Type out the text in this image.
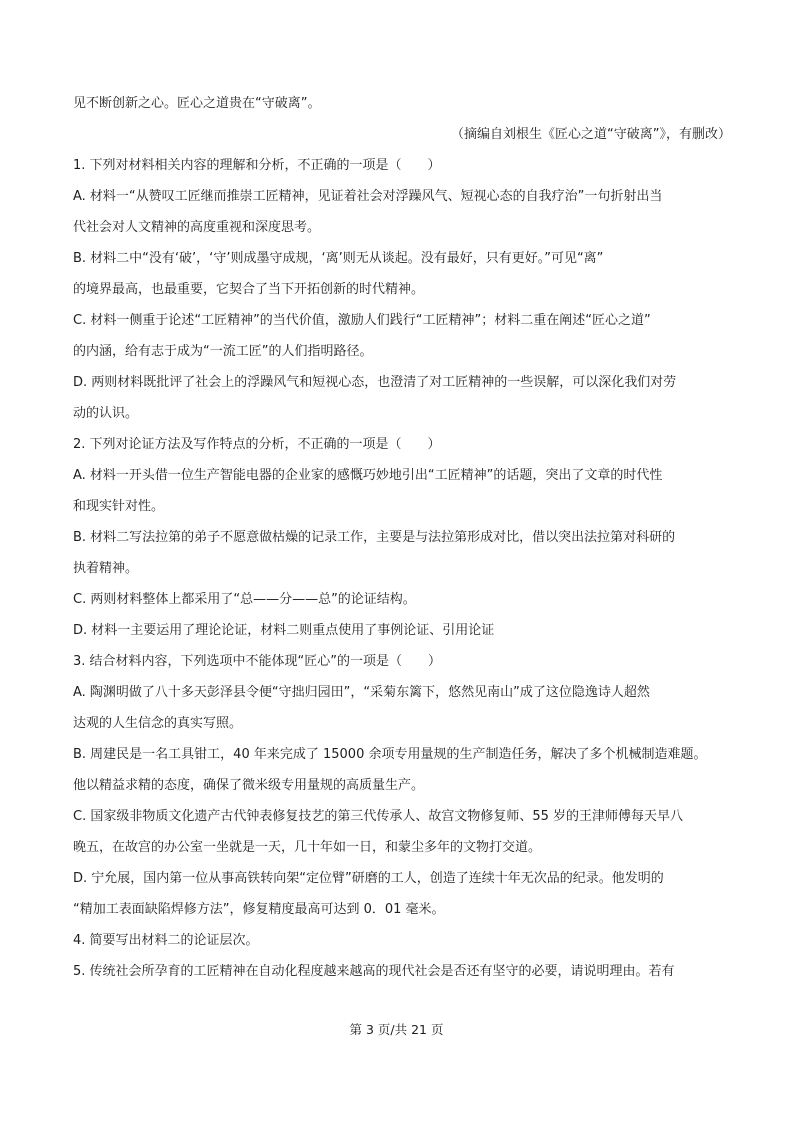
见不断创新之心。匠心之道贵在“守破离”。
（摘编自刘根生《匠心之道“守破离”》，有删改）
1. 下列对材料相关内容的理解和分析，不正确的一项是（　　）
A. 材料一“从赞叹工匠继而推崇工匠精神，见证着社会对浮躁风气、短视心态的自我疗治”一句折射出当
代社会对人文精神的高度重视和深度思考。
B. 材料二中“没有‘破’，‘守’则成墨守成规，‘离’则无从谈起。没有最好，只有更好。”可见“离”
的境界最高，也最重要，它契合了当下开拓创新的时代精神。
C. 材料一侧重于论述“工匠精神”的当代价值，激励人们践行“工匠精神”；材料二重在阐述“匠心之道”
的内涵，给有志于成为“一流工匠”的人们指明路径。
D. 两则材料既批评了社会上的浮躁风气和短视心态，也澄清了对工匠精神的一些误解，可以深化我们对劳
动的认识。
2. 下列对论证方法及写作特点的分析，不正确的一项是（　　）
A. 材料一开头借一位生产智能电器的企业家的感慨巧妙地引出“工匠精神”的话题，突出了文章的时代性
和现实针对性。
B. 材料二写法拉第的弟子不愿意做枯燥的记录工作，主要是与法拉第形成对比，借以突出法拉第对科研的
执着精神。
C. 两则材料整体上都采用了“总——分——总”的论证结构。
D. 材料一主要运用了理论论证，材料二则重点使用了事例论证、引用论证
3. 结合材料内容，下列选项中不能体现“匠心”的一项是（　　）
A. 陶渊明做了八十多天彭泽县令便“守拙归园田”，“采菊东篱下，悠然见南山”成了这位隐逸诗人超然
达观的人生信念的真实写照。
B. 周建民是一名工具钳工，40 年来完成了 15000 余项专用量规的生产制造任务，解决了多个机械制造难题。
他以精益求精的态度，确保了微米级专用量规的高质量生产。
C. 国家级非物质文化遗产古代钟表修复技艺的第三代传承人、故宫文物修复师、55 岁的王津师傅每天早八
晚五，在故宫的办公室一坐就是一天，几十年如一日，和蒙尘多年的文物打交道。
D. 宁允展，国内第一位从事高铁转向架“定位臂”研磨的工人，创造了连续十年无次品的纪录。他发明的
“精加工表面缺陷焊修方法”，修复精度最高可达到 0．01 毫米。
4. 简要写出材料二的论证层次。
5. 传统社会所孕育的工匠精神在自动化程度越来越高的现代社会是否还有坚守的必要，请说明理由。若有
第 3 页/共 21 页
